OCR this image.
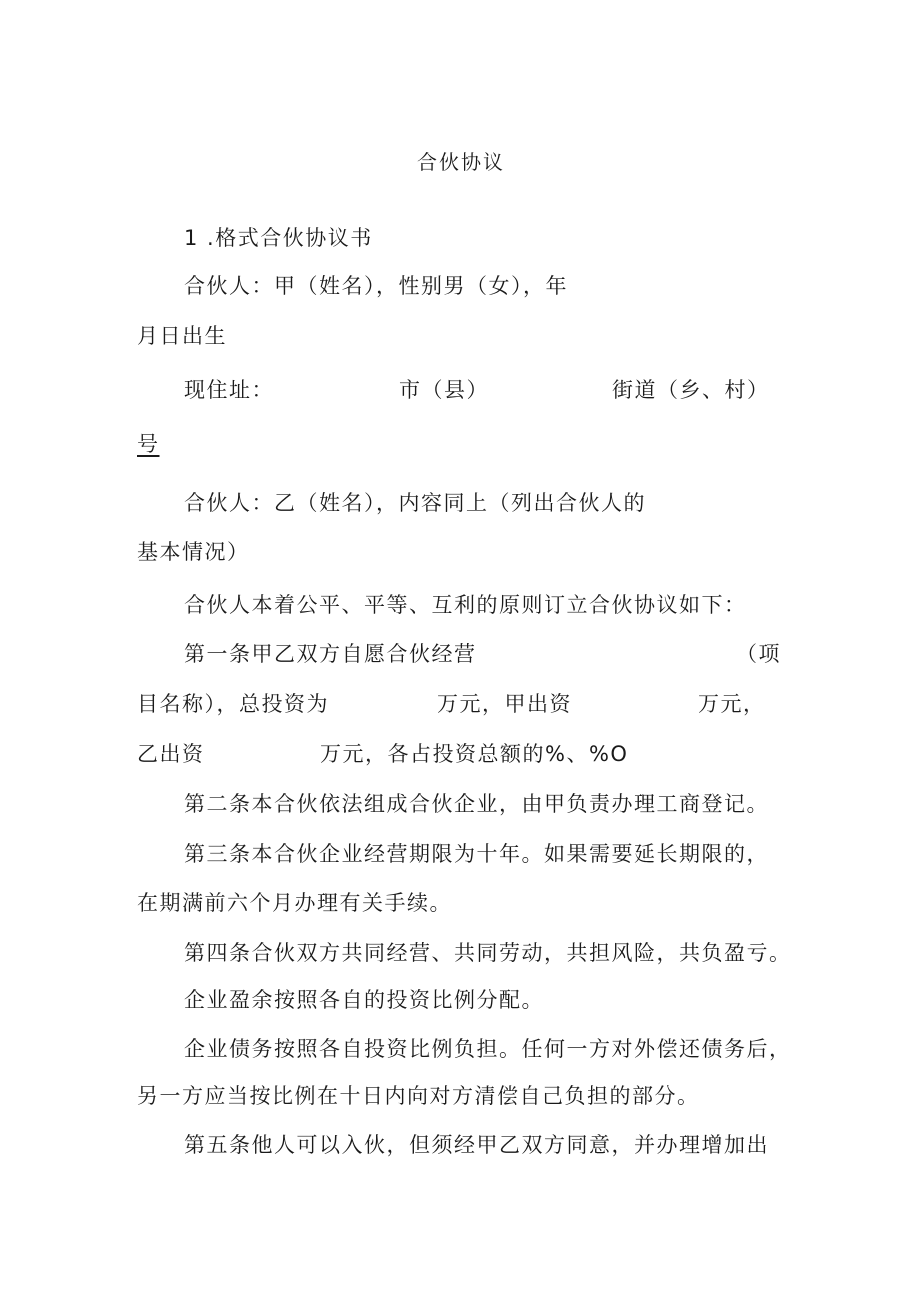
合伙协议
1 .格式合伙协议书
合伙人：甲（姓名），性别男（女），年
月日出生
现住址：	市（县）	街道（乡、村）
号
合伙人：乙（姓名），内容同上（列出合伙人的
基本情况）
合伙人本着公平、平等、互利的原则订立合伙协议如下：
第一条甲乙双方自愿合伙经营	（项
目名称），总投资为	万元，甲出资	万元，
乙出资	万元，各占投资总额的%、%O
第二条本合伙依法组成合伙企业，由甲负责办理工商登记。
第三条本合伙企业经营期限为十年。如果需要延长期限的，
在期满前六个月办理有关手续。
第四条合伙双方共同经营、共同劳动，共担风险，共负盈亏。
企业盈余按照各自的投资比例分配。
企业债务按照各自投资比例负担。任何一方对外偿还债务后，
另一方应当按比例在十日内向对方清偿自己负担的部分。
第五条他人可以入伙，但须经甲乙双方同意，并办理增加出
